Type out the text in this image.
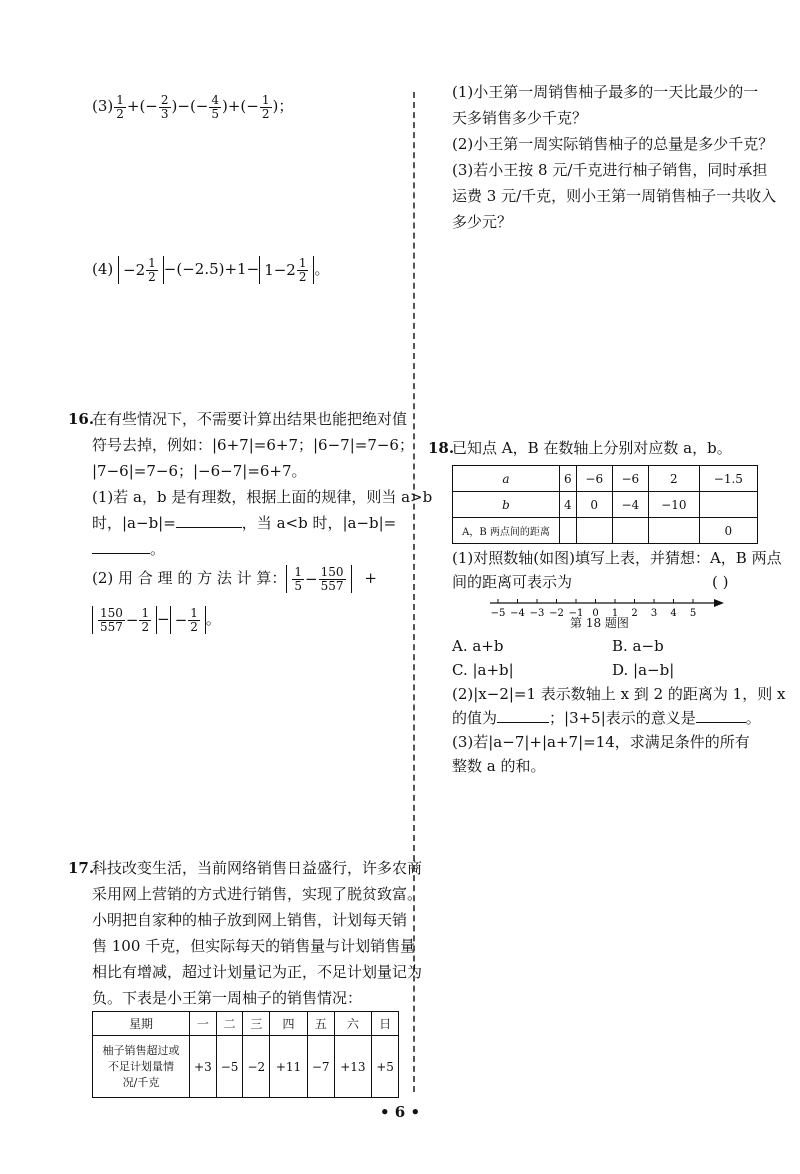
$(3) \frac{1}{2}$ +(− $\frac{2}{3}$ )−(− $\frac{4}{5}$ )+(− $\frac{1}{2}$ )；
$(4) -2 \frac{1}{2} -(-2.5)+1- 1-2 \frac{1}{2}$ 。
16.
在有些情况下，不需要计算出结果也能把绝对值
符号去掉，例如：|6+7|=6+7；|6−7|=7−6；
|7−6|=7−6；|−6−7|=6+7。
(1)若 a，b 是有理数，根据上面的规律，则当 a>b
时，|a−b|=	，当 a<b 时，|a−b|=
。
(2) 用 合 理 的 方 法 计 算： $\frac{1}{5} - \frac{150}{557}$ +
$\frac{150}{557} - \frac{1}{2}$ − − $\frac{1}{2}$ 。
17.
科技改变生活，当前网络销售日益盛行，许多农商
采用网上营销的方式进行销售，实现了脱贫致富。
小明把自家种的柚子放到网上销售，计划每天销
售 100 千克，但实际每天的销售量与计划销售量
相比有增减，超过计划量记为正，不足计划量记为
负。下表是小王第一周柚子的销售情况：
星期	一	二	三	四	五	六	日

柚子销售超过或
不足计划量情
况/千克	+3	−5	−2	+11	−7	+13	+5
(1)小王第一周销售柚子最多的一天比最少的一
天多销售多少千克？
(2)小王第一周实际销售柚子的总量是多少千克？
(3)若小王按 8 元/千克进行柚子销售，同时承担
运费 3 元/千克，则小王第一周销售柚子一共收入
多少元？
18.
已知点 A，B 在数轴上分别对应数 a，b。
a	6	−6	−6	2	−1.5
b	4	0	−4	−10	
A，B 两点间的距离					0
(1)对照数轴(如图)填写上表，并猜想：A，B 两点
间的距离可表示为	( )
−5 −4 −3 −2 −1 0 1 2 3 4 5
第 18 题图
A. a+b	B. a−b
C. |a+b|	D. |a−b|
(2)|x−2|=1 表示数轴上 x 到 2 的距离为 1，则 x
的值为	；|3+5|表示的意义是	。
(3)若|a−7|+|a+7|=14，求满足条件的所有
整数 a 的和。
• 6 •
